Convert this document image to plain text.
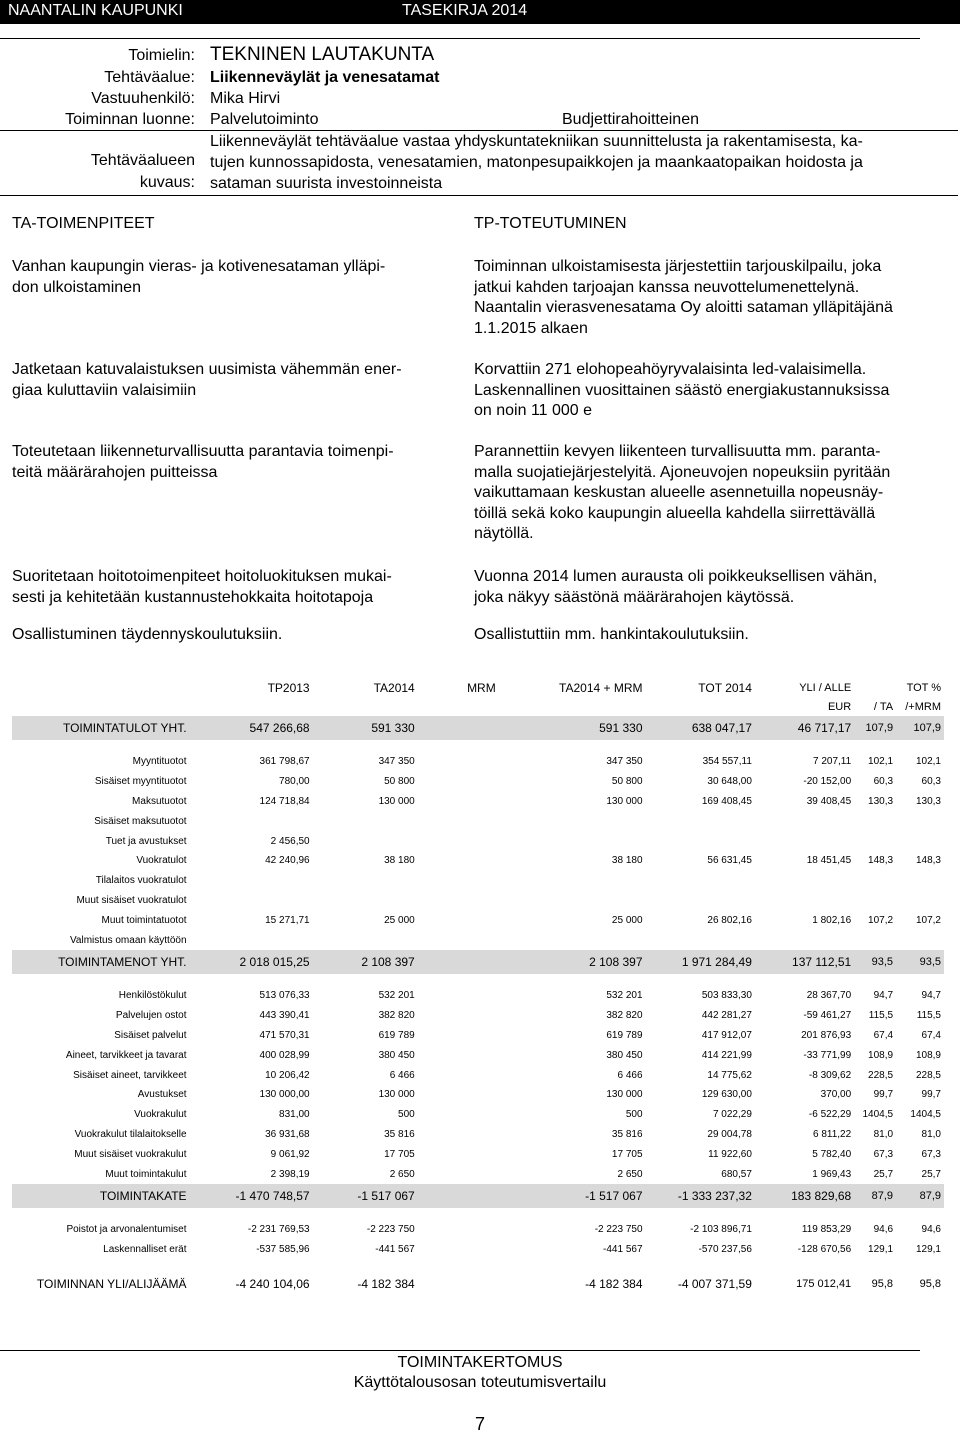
NAANTALIN KAUPUNKI	TASEKIRJA 2014
Toimielin: TEKNINEN LAUTAKUNTA
Tehtäväalue: Liikenneväylät ja venesatamat
Vastuuhenkilö: Mika Hirvi
Toiminnan luonne: Palvelutoiminto	Budjettirahoitteinen
Tehtäväalueen
kuvaus:
Liikenneväylät tehtäväalue vastaa yhdyskuntatekniikan suunnittelusta ja rakentamisesta, ka-
tujen kunnossapidosta, venesatamien, matonpesupaikkojen ja maankaatopaikan hoidosta ja
sataman suurista investoinneista
TA-TOIMENPITEET	TP-TOTEUTUMINEN
Vanhan kaupungin vieras- ja kotivenesataman ylläpi-
don ulkoistaminen
Jatketaan katuvalaistuksen uusimista vähemmän ener-
giaa kuluttaviin valaisimiin
Toteutetaan liikenneturvallisuutta parantavia toimenpi-
teitä määrärahojen puitteissa
Suoritetaan hoitotoimenpiteet hoitoluokituksen mukai-
sesti ja kehitetään kustannustehokkaita hoitotapoja
Osallistuminen täydennyskoulutuksiin.
Toiminnan ulkoistamisesta järjestettiin tarjouskilpailu, joka
jatkui kahden tarjoajan kanssa neuvottelumenettelynä.
Naantalin vierasvenesatama Oy aloitti sataman ylläpitäjänä
1.1.2015 alkaen
Korvattiin 271 elohopeahöyryvalaisinta led-valaisimella.
Laskennallinen vuosittainen säästö energiakustannuksissa
on noin 11 000 e
Parannettiin kevyen liikenteen turvallisuutta mm. paranta-
malla suojatiejärjestelyitä. Ajoneuvojen nopeuksiin pyritään
vaikuttamaan keskustan alueelle asennetuilla nopeusnäy-
töillä sekä koko kaupungin alueella kahdella siirrettävällä
näytöllä.
Vuonna 2014 lumen aurausta oli poikkeuksellisen vähän,
joka näkyy säästönä määrärahojen käytössä.
Osallistuttiin mm. hankintakoulutuksiin.
	TP2013	TA2014	MRM	TA2014 + MRM	TOT 2014	YLI / ALLE	TOT %	
						EUR	/ TA	/+MRM
TOIMINTATULOT YHT.	547 266,68	591 330		591 330	638 047,17	46 717,17	107,9	107,9

Myyntituotot	361 798,67	347 350		347 350	354 557,11	7 207,11	102,1	102,1
Sisäiset myyntituotot	780,00	50 800		50 800	30 648,00	-20 152,00	60,3	60,3
Maksutuotot	124 718,84	130 000		130 000	169 408,45	39 408,45	130,3	130,3
Sisäiset maksutuotot								
Tuet ja avustukset	2 456,50							
Vuokratulot	42 240,96	38 180		38 180	56 631,45	18 451,45	148,3	148,3
Tilalaitos vuokratulot								
Muut sisäiset vuokratulot								
Muut toimintatuotot	15 271,71	25 000		25 000	26 802,16	1 802,16	107,2	107,2
Valmistus omaan käyttöön								
TOIMINTAMENOT YHT.	2 018 015,25	2 108 397		2 108 397	1 971 284,49	137 112,51	93,5	93,5

Henkilöstökulut	513 076,33	532 201		532 201	503 833,30	28 367,70	94,7	94,7
Palvelujen ostot	443 390,41	382 820		382 820	442 281,27	-59 461,27	115,5	115,5
Sisäiset palvelut	471 570,31	619 789		619 789	417 912,07	201 876,93	67,4	67,4
Aineet, tarvikkeet ja tavarat	400 028,99	380 450		380 450	414 221,99	-33 771,99	108,9	108,9
Sisäiset aineet, tarvikkeet	10 206,42	6 466		6 466	14 775,62	-8 309,62	228,5	228,5
Avustukset	130 000,00	130 000		130 000	129 630,00	370,00	99,7	99,7
Vuokrakulut	831,00	500		500	7 022,29	-6 522,29	1404,5	1404,5
Vuokrakulut tilalaitokselle	36 931,68	35 816		35 816	29 004,78	6 811,22	81,0	81,0
Muut sisäiset vuokrakulut	9 061,92	17 705		17 705	11 922,60	5 782,40	67,3	67,3
Muut toimintakulut	2 398,19	2 650		2 650	680,57	1 969,43	25,7	25,7
TOIMINTAKATE	-1 470 748,57	-1 517 067		-1 517 067	-1 333 237,32	183 829,68	87,9	87,9

Poistot ja arvonalentumiset	-2 231 769,53	-2 223 750		-2 223 750	-2 103 896,71	119 853,29	94,6	94,6
Laskennalliset erät	-537 585,96	-441 567		-441 567	-570 237,56	-128 670,56	129,1	129,1

TOIMINNAN YLI/ALIJÄÄMÄ	-4 240 104,06	-4 182 384		-4 182 384	-4 007 371,59	175 012,41	95,8	95,8
TOIMINTAKERTOMUS
Käyttötalousosan toteutumisvertailu
7
